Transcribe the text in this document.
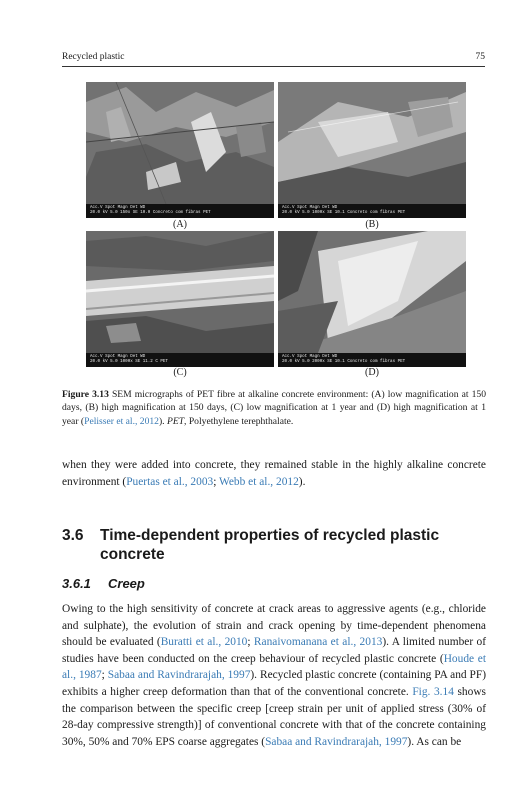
Recycled plastic	75
Acc.V Spot Magn Det WD
20.0 kV 5.0 150x SE 10.0 Concreto com fibras PET
(A)
Acc.V Spot Magn Det WD
20.0 kV 5.0 1000x SE 10.1 Concreto com fibras PET
(B)
Acc.V Spot Magn Det WD
20.0 kV 5.0 1000x SE 11.2 C PET
(C)
Acc.V Spot Magn Det WD
20.0 kV 5.0 2000x SE 10.1 Concreto com fibras PET
(D)
Figure 3.13 SEM micrographs of PET fibre at alkaline concrete environment: (A) low magnification at 150 days, (B) high magnification at 150 days, (C) low magnification at 1 year and (D) high magnification at 1 year (Pelisser et al., 2012). PET, Polyethylene terephthalate.

when they were added into concrete, they remained stable in the highly alkaline concrete environment (Puertas et al., 2003; Webb et al., 2012).

3.6 Time-dependent properties of recycled plastic concrete
3.6.1 Creep

Owing to the high sensitivity of concrete at crack areas to aggressive agents (e.g., chloride and sulphate), the evolution of strain and crack opening by time-dependent phenomena should be evaluated (Buratti et al., 2010; Ranaivomanana et al., 2013). A limited number of studies have been conducted on the creep behaviour of recycled plastic concrete (Houde et al., 1987; Sabaa and Ravindrarajah, 1997). Recycled plastic concrete (containing PA and PF) exhibits a higher creep deformation than that of the conventional concrete. Fig. 3.14 shows the comparison between the specific creep [creep strain per unit of applied stress (30% of 28-day compressive strength)] of conventional concrete with that of the concrete containing 30%, 50% and 70% EPS coarse aggregates (Sabaa and Ravindrarajah, 1997). As can be
